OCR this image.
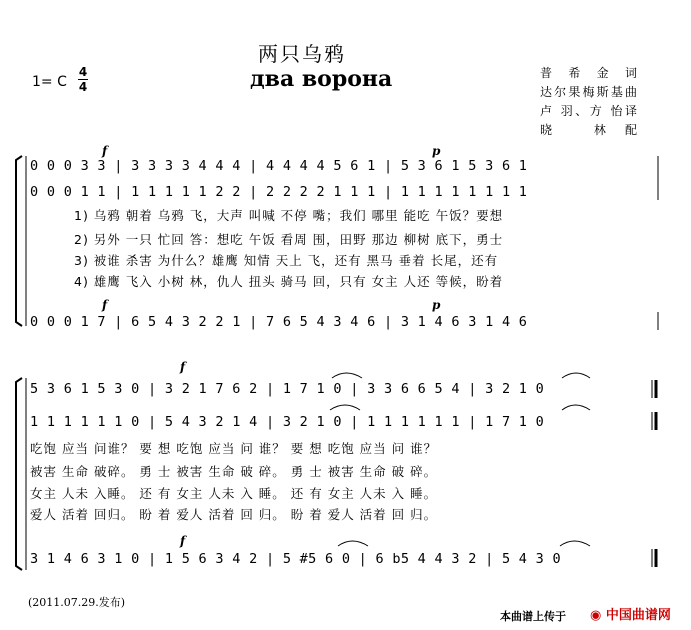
两只乌鸦
два ворона
1= C
4
4
普 希 金 词
达尔果梅斯基曲
卢 羽、方 怡译
晓 林配
f	p
0 0 0 3 3 | 3 3 3 3 4 4 4 | 4 4 4 4 5 6 1 | 5 3 6 1 5 3 6 1
0 0 0 1 1 | 1 1 1 1 1 2 2 | 2 2 2 2 1 1 1 | 1 1 1 1 1 1 1 1
1) 乌鸦 朝着 乌鸦 飞，大声 叫喊 不停 嘴；我们 哪里 能吃 午饭？要想
2) 另外 一只 忙回 答：想吃 午饭 看周 围，田野 那边 柳树 底下，勇士
3) 被谁 杀害 为什么？雄鹰 知情 天上 飞，还有 黑马 垂着 长尾，还有
4) 雄鹰 飞入 小树 林，仇人 扭头 骑马 回，只有 女主 人还 等候，盼着
f	p
0 0 0 1 7 | 6 5 4 3 2 2 1 | 7 6 5 4 3 4 6 | 3 1 4 6 3 1 4 6
f
5 3 6 1 5 3 0 | 3 2 1 7 6 2 | 1 7 1 0 | 3 3 6 6 5 4 | 3 2 1 0
1 1 1 1 1 1 0 | 5 4 3 2 1 4 | 3 2 1 0 | 1 1 1 1 1 1 | 1 7 1 0
吃饱 应当 问谁？ 要 想 吃饱 应当 问 谁？ 要 想 吃饱 应当 问 谁？
被害 生命 破碎。 勇 士 被害 生命 破 碎。 勇 士 被害 生命 破 碎。
女主 人未 入睡。 还 有 女主 人未 入 睡。 还 有 女主 人未 入 睡。
爱人 活着 回归。 盼 着 爱人 活着 回 归。 盼 着 爱人 活着 回 归。
f
3 1 4 6 3 1 0 | 1 5 6 3 4 2 | 5 #5 6 0 | 6 b5 4 4 3 2 | 5 4 3 0
(2011.07.29.发布)
本曲谱上传于 ◉ 中国曲谱网
